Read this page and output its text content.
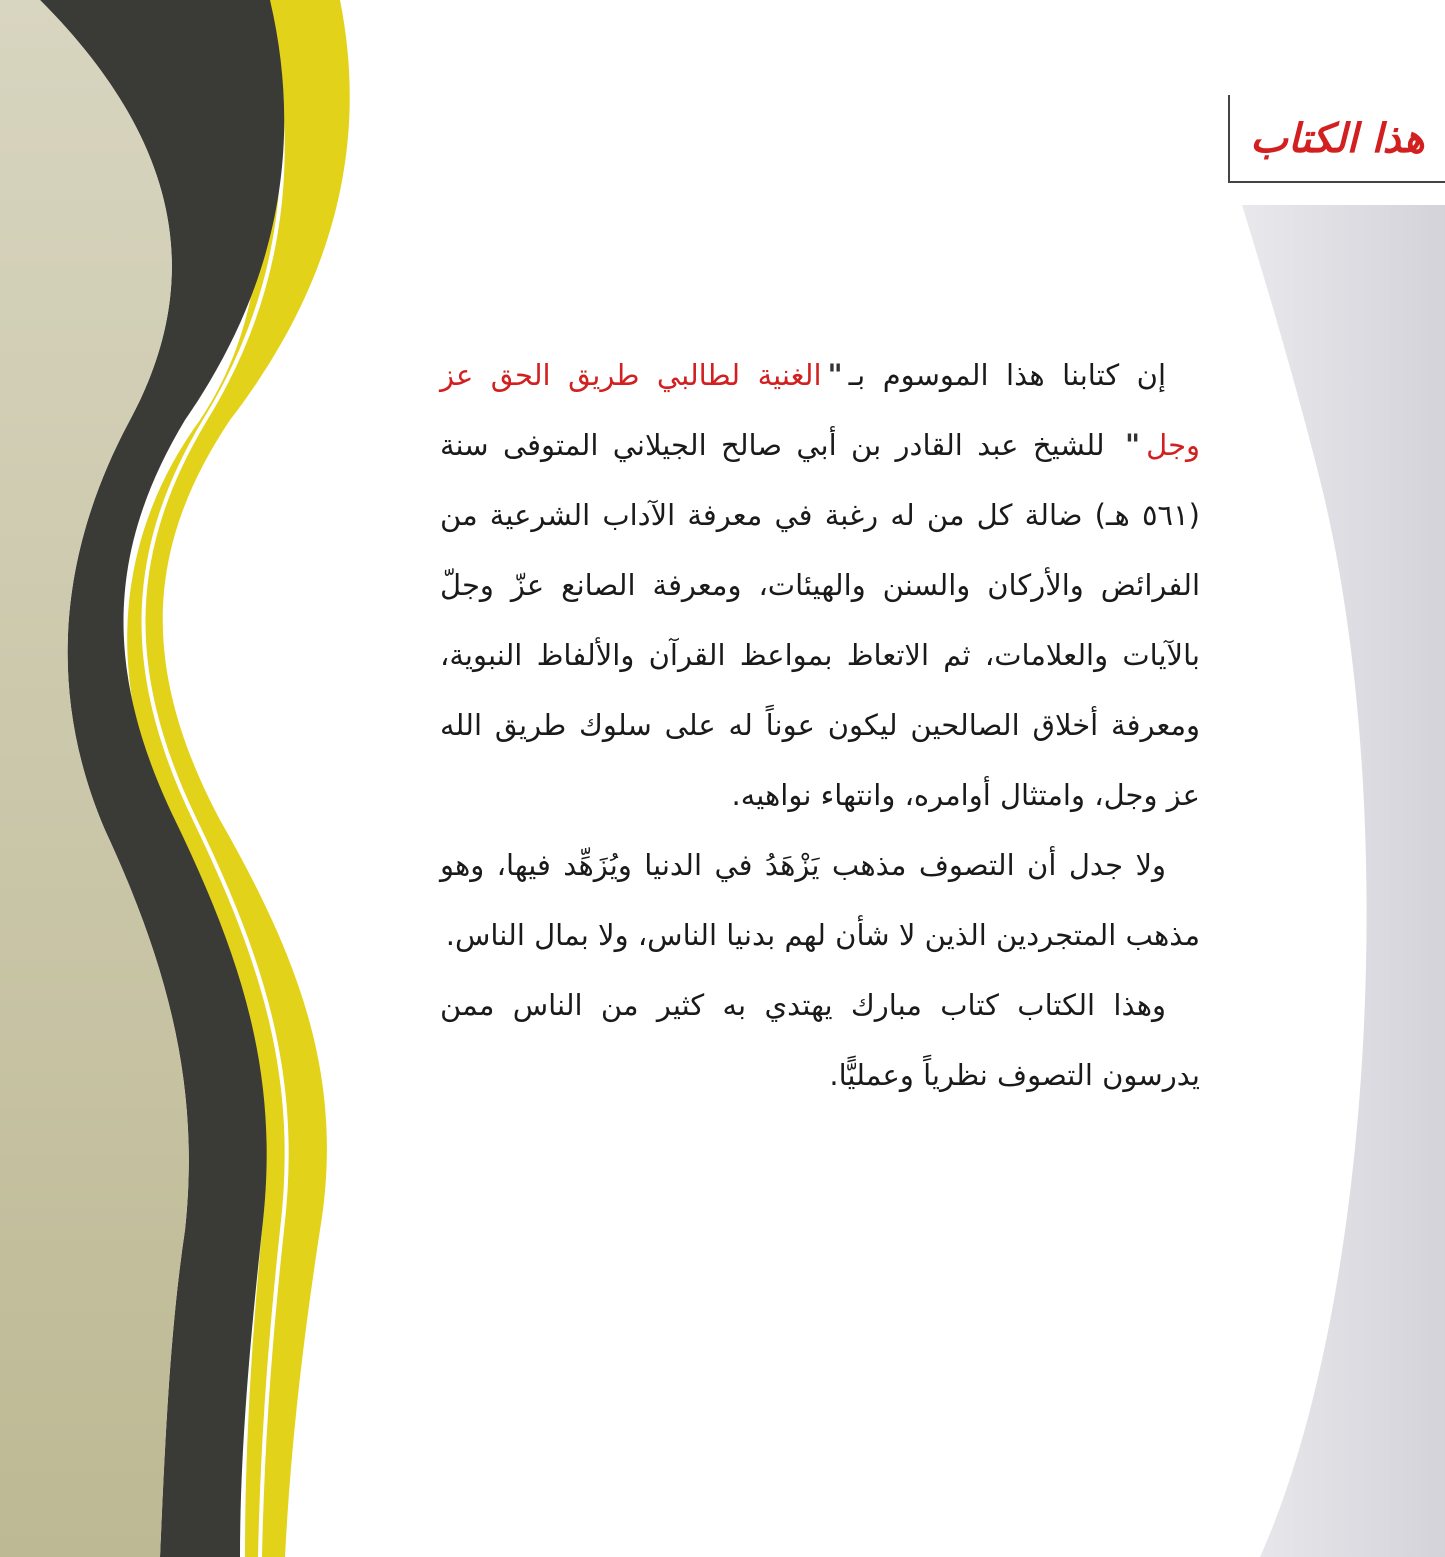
هذا الكتاب

إن كتابنا هذا الموسوم بـ"الغنية لطالبي طريق الحق عز وجل" للشيخ عبد القادر بن أبي صالح الجيلاني المتوفى سنة (٥٦١ هـ) ضالة كل من له رغبة في معرفة الآداب الشرعية من الفرائض والأركان والسنن والهيئات، ومعرفة الصانع عزّ وجلّ بالآيات والعلامات، ثم الاتعاظ بمواعظ القرآن والألفاظ النبوية، ومعرفة أخلاق الصالحين ليكون عوناً له على سلوك طريق الله عز وجل، وامتثال أوامره، وانتهاء نواهيه.

ولا جدل أن التصوف مذهب يَزْهَدُ في الدنيا ويُزَهِّد فيها، وهو مذهب المتجردين الذين لا شأن لهم بدنيا الناس، ولا بمال الناس.

وهذا الكتاب كتاب مبارك يهتدي به كثير من الناس ممن يدرسون التصوف نظرياً وعمليًّا.
